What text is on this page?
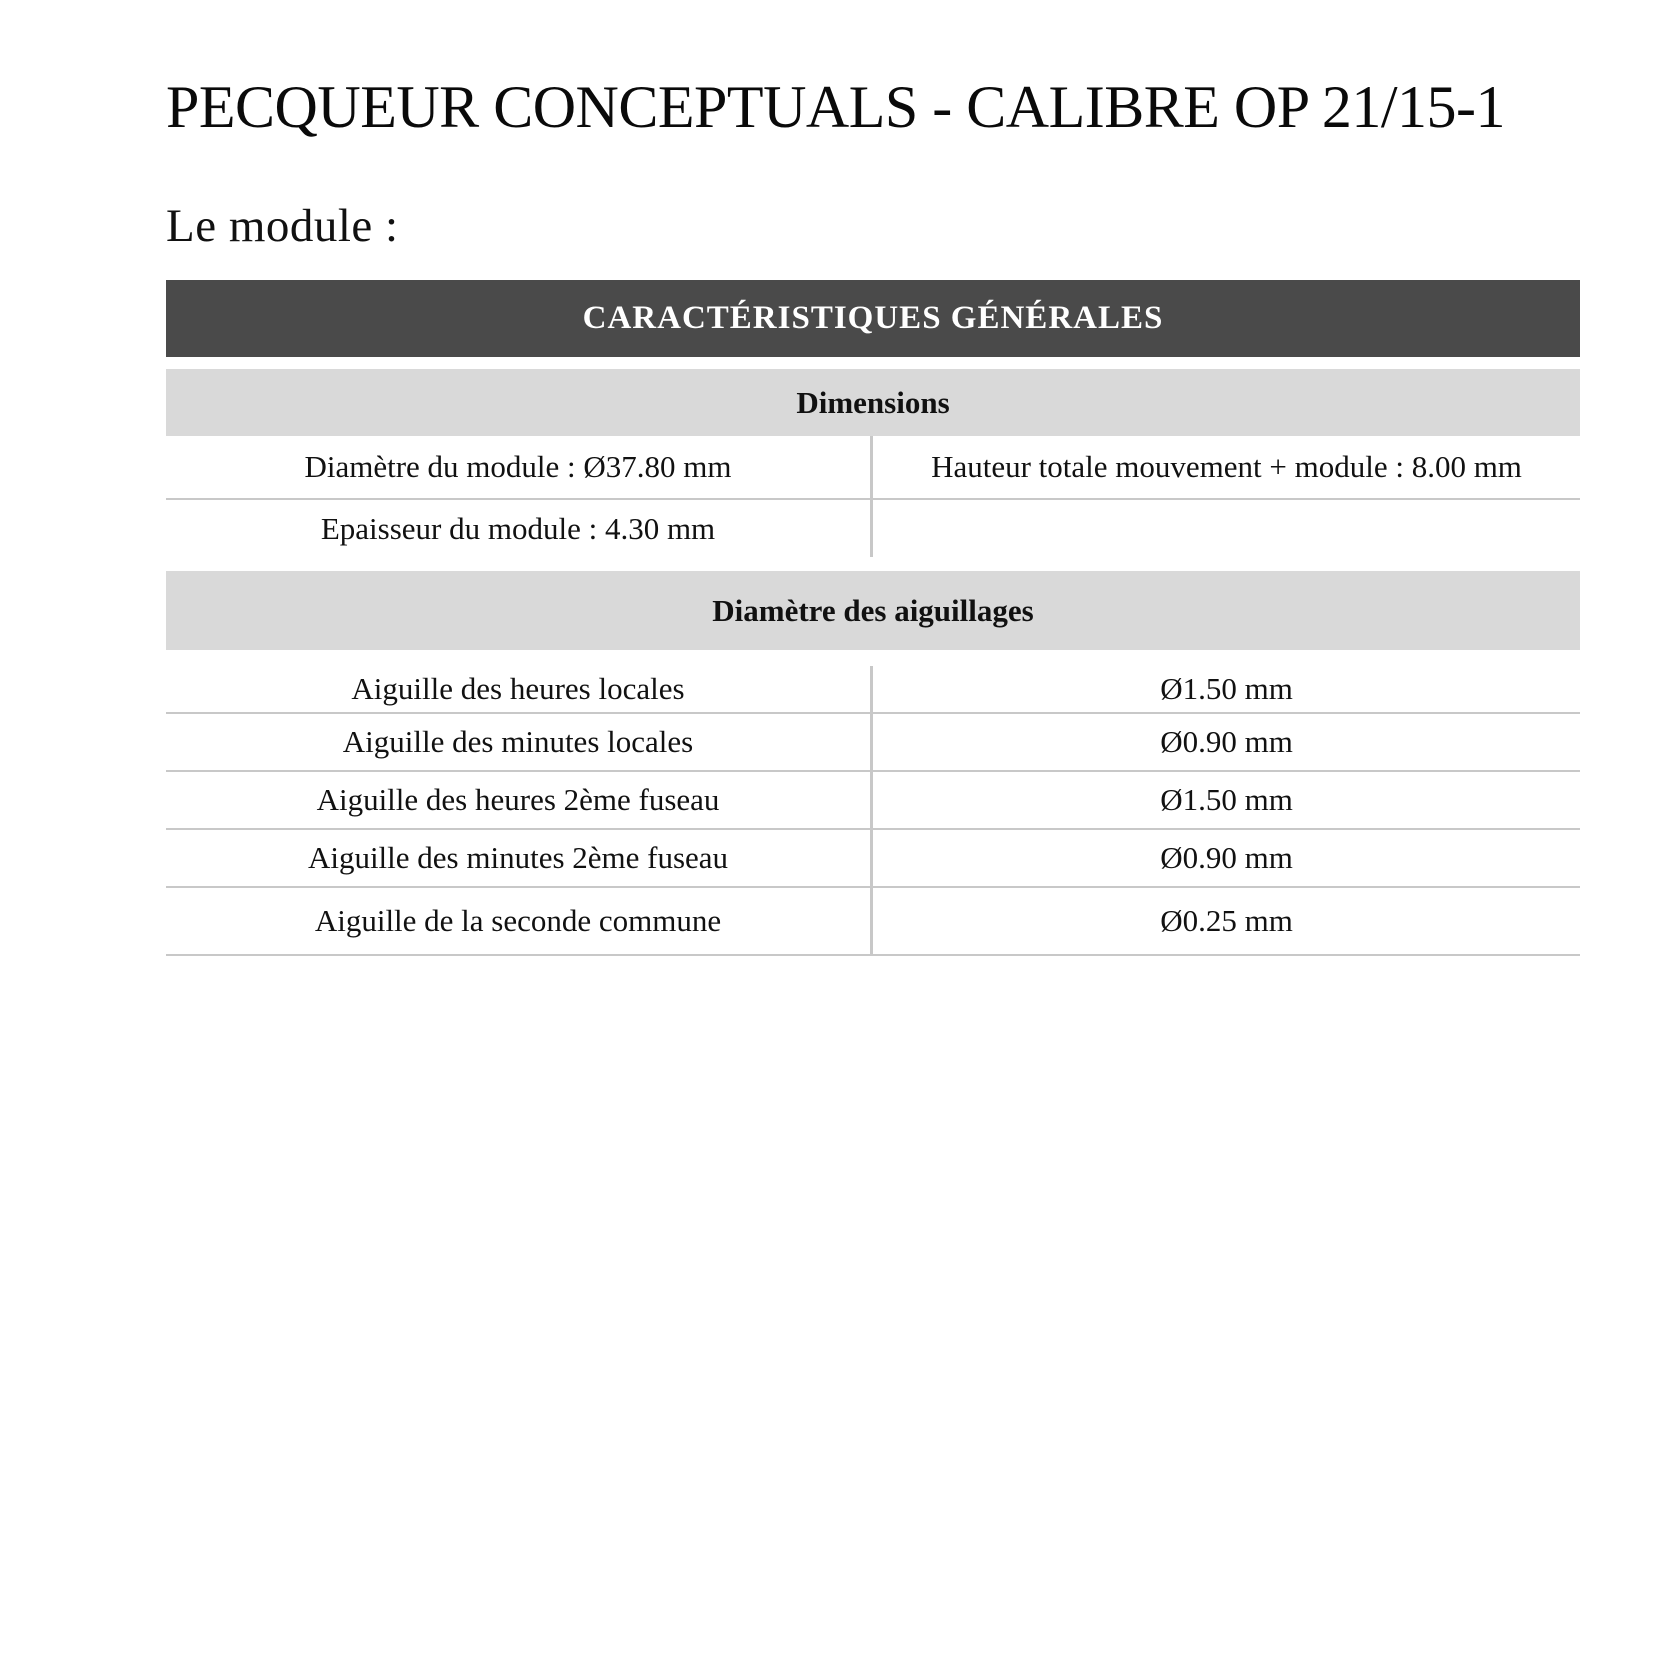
PECQUEUR CONCEPTUALS - CALIBRE OP 21/15-1
Le module :
CARACTÉRISTIQUES GÉNÉRALES
Dimensions
Diamètre du module : Ø37.80 mm	Hauteur totale mouvement + module : 8.00 mm
Epaisseur du module : 4.30 mm
Diamètre des aiguillages
Aiguille des heures locales	Ø1.50 mm
Aiguille des minutes locales	Ø0.90 mm
Aiguille des heures 2ème fuseau	Ø1.50 mm
Aiguille des minutes 2ème fuseau	Ø0.90 mm
Aiguille de la seconde commune	Ø0.25 mm
